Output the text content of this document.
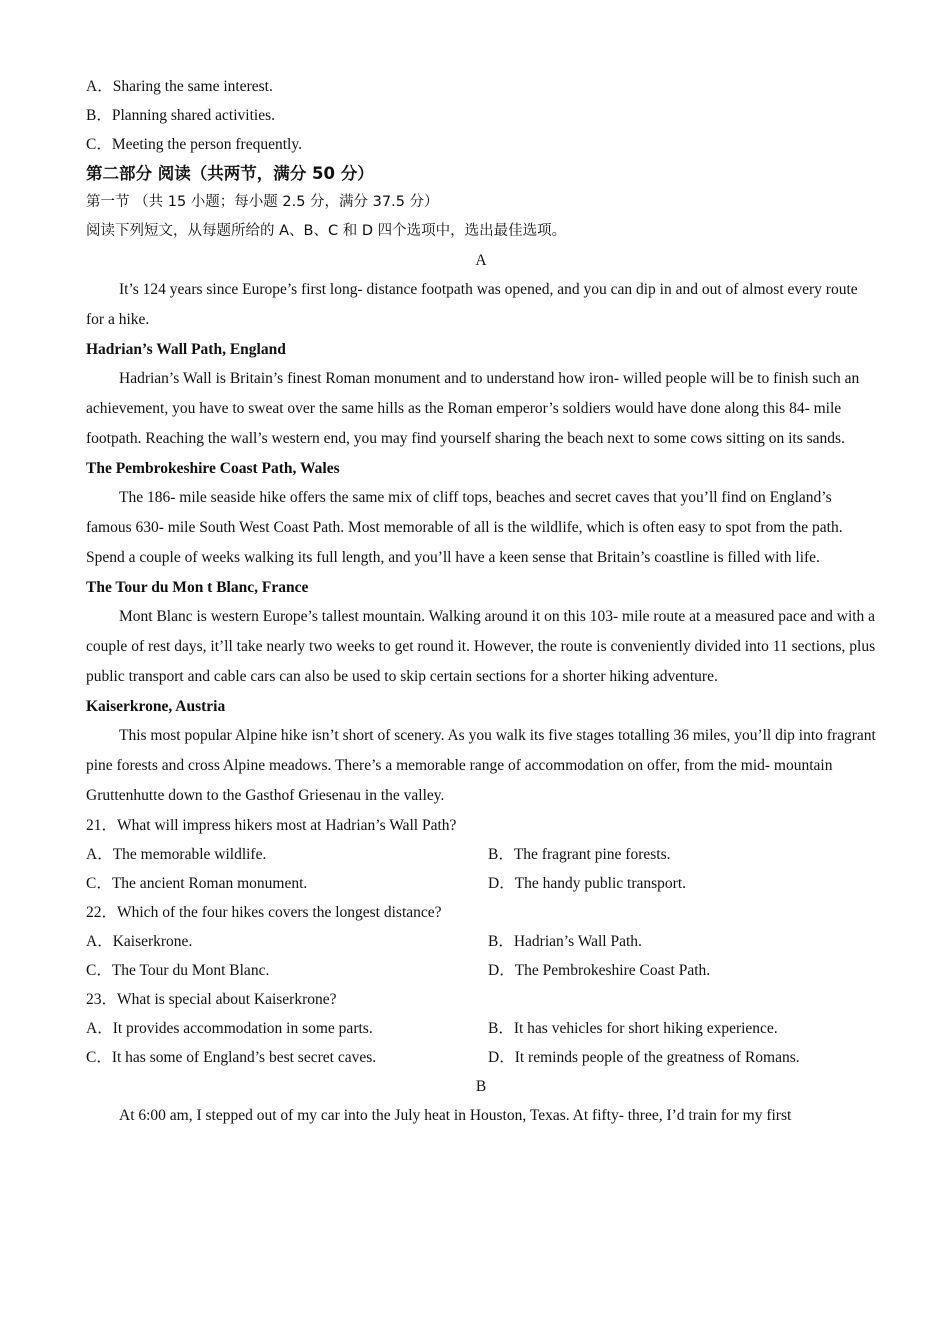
A．Sharing the same interest.
B．Planning shared activities.
C．Meeting the person frequently.
第二部分 阅读（共两节，满分 50 分）
第一节 （共 15 小题；每小题 2.5 分，满分 37.5 分）
阅读下列短文，从每题所给的 A、B、C 和 D 四个选项中，选出最佳选项。
A
It’s 124 years since Europe’s first long- distance footpath was opened, and you can dip in and out of almost every route for a hike.
Hadrian’s Wall Path, England
Hadrian’s Wall is Britain’s finest Roman monument and to understand how iron- willed people will be to finish such an achievement, you have to sweat over the same hills as the Roman emperor’s soldiers would have done along this 84- mile footpath. Reaching the wall’s western end, you may find yourself sharing the beach next to some cows sitting on its sands.
The Pembrokeshire Coast Path, Wales
The 186- mile seaside hike offers the same mix of cliff tops, beaches and secret caves that you’ll find on England’s famous 630- mile South West Coast Path. Most memorable of all is the wildlife, which is often easy to spot from the path. Spend a couple of weeks walking its full length, and you’ll have a keen sense that Britain’s coastline is filled with life.
The Tour du Mon t Blanc, France
Mont Blanc is western Europe’s tallest mountain. Walking around it on this 103- mile route at a measured pace and with a couple of rest days, it’ll take nearly two weeks to get round it. However, the route is conveniently divided into 11 sections, plus public transport and cable cars can also be used to skip certain sections for a shorter hiking adventure.
Kaiserkrone, Austria
This most popular Alpine hike isn’t short of scenery. As you walk its five stages totalling 36 miles, you’ll dip into fragrant pine forests and cross Alpine meadows. There’s a memorable range of accommodation on offer, from the mid- mountain Gruttenhutte down to the Gasthof Griesenau in the valley.
21．What will impress hikers most at Hadrian’s Wall Path?
A．The memorable wildlife.	B．The fragrant pine forests.
C．The ancient Roman monument.	D．The handy public transport.
22．Which of the four hikes covers the longest distance?
A．Kaiserkrone.	B．Hadrian’s Wall Path.
C．The Tour du Mont Blanc.	D．The Pembrokeshire Coast Path.
23．What is special about Kaiserkrone?
A．It provides accommodation in some parts.	B．It has vehicles for short hiking experience.
C．It has some of England’s best secret caves.	D．It reminds people of the greatness of Romans.
B
At 6:00 am, I stepped out of my car into the July heat in Houston, Texas. At fifty- three, I’d train for my first
